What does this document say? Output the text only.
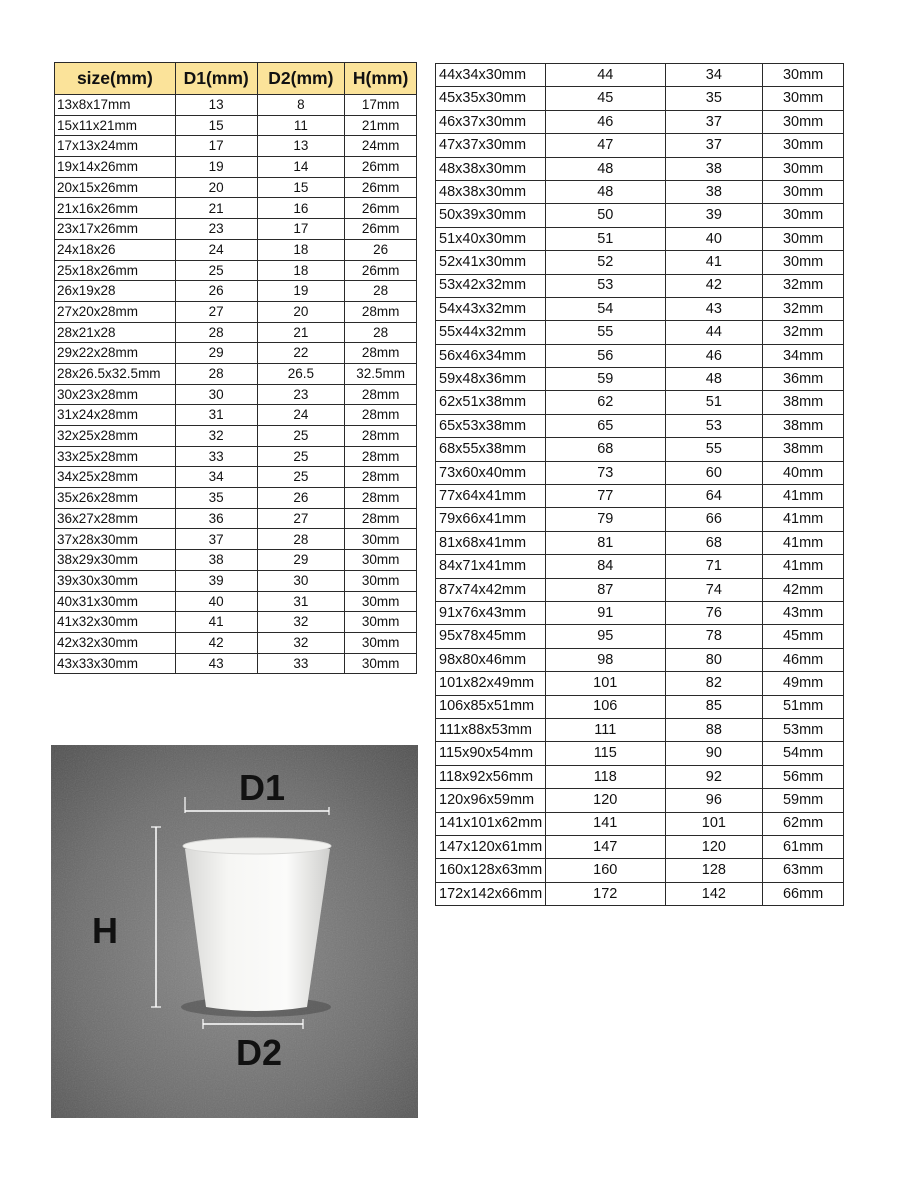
size(mm)	D1(mm)	D2(mm)	H(mm)
13x8x17mm	13	8	17mm
15x11x21mm	15	11	21mm
17x13x24mm	17	13	24mm
19x14x26mm	19	14	26mm
20x15x26mm	20	15	26mm
21x16x26mm	21	16	26mm
23x17x26mm	23	17	26mm
24x18x26	24	18	26
25x18x26mm	25	18	26mm
26x19x28	26	19	28
27x20x28mm	27	20	28mm
28x21x28	28	21	28
29x22x28mm	29	22	28mm
28x26.5x32.5mm	28	26.5	32.5mm
30x23x28mm	30	23	28mm
31x24x28mm	31	24	28mm
32x25x28mm	32	25	28mm
33x25x28mm	33	25	28mm
34x25x28mm	34	25	28mm
35x26x28mm	35	26	28mm
36x27x28mm	36	27	28mm
37x28x30mm	37	28	30mm
38x29x30mm	38	29	30mm
39x30x30mm	39	30	30mm
40x31x30mm	40	31	30mm
41x32x30mm	41	32	30mm
42x32x30mm	42	32	30mm
43x33x30mm	43	33	30mm
44x34x30mm	44	34	30mm
45x35x30mm	45	35	30mm
46x37x30mm	46	37	30mm
47x37x30mm	47	37	30mm
48x38x30mm	48	38	30mm
48x38x30mm	48	38	30mm
50x39x30mm	50	39	30mm
51x40x30mm	51	40	30mm
52x41x30mm	52	41	30mm
53x42x32mm	53	42	32mm
54x43x32mm	54	43	32mm
55x44x32mm	55	44	32mm
56x46x34mm	56	46	34mm
59x48x36mm	59	48	36mm
62x51x38mm	62	51	38mm
65x53x38mm	65	53	38mm
68x55x38mm	68	55	38mm
73x60x40mm	73	60	40mm
77x64x41mm	77	64	41mm
79x66x41mm	79	66	41mm
81x68x41mm	81	68	41mm
84x71x41mm	84	71	41mm
87x74x42mm	87	74	42mm
91x76x43mm	91	76	43mm
95x78x45mm	95	78	45mm
98x80x46mm	98	80	46mm
101x82x49mm	101	82	49mm
106x85x51mm	106	85	51mm
111x88x53mm	111	88	53mm
115x90x54mm	115	90	54mm
118x92x56mm	118	92	56mm
120x96x59mm	120	96	59mm
141x101x62mm	141	101	62mm
147x120x61mm	147	120	61mm
160x128x63mm	160	128	63mm
172x142x66mm	172	142	66mm
D1
H
D2
